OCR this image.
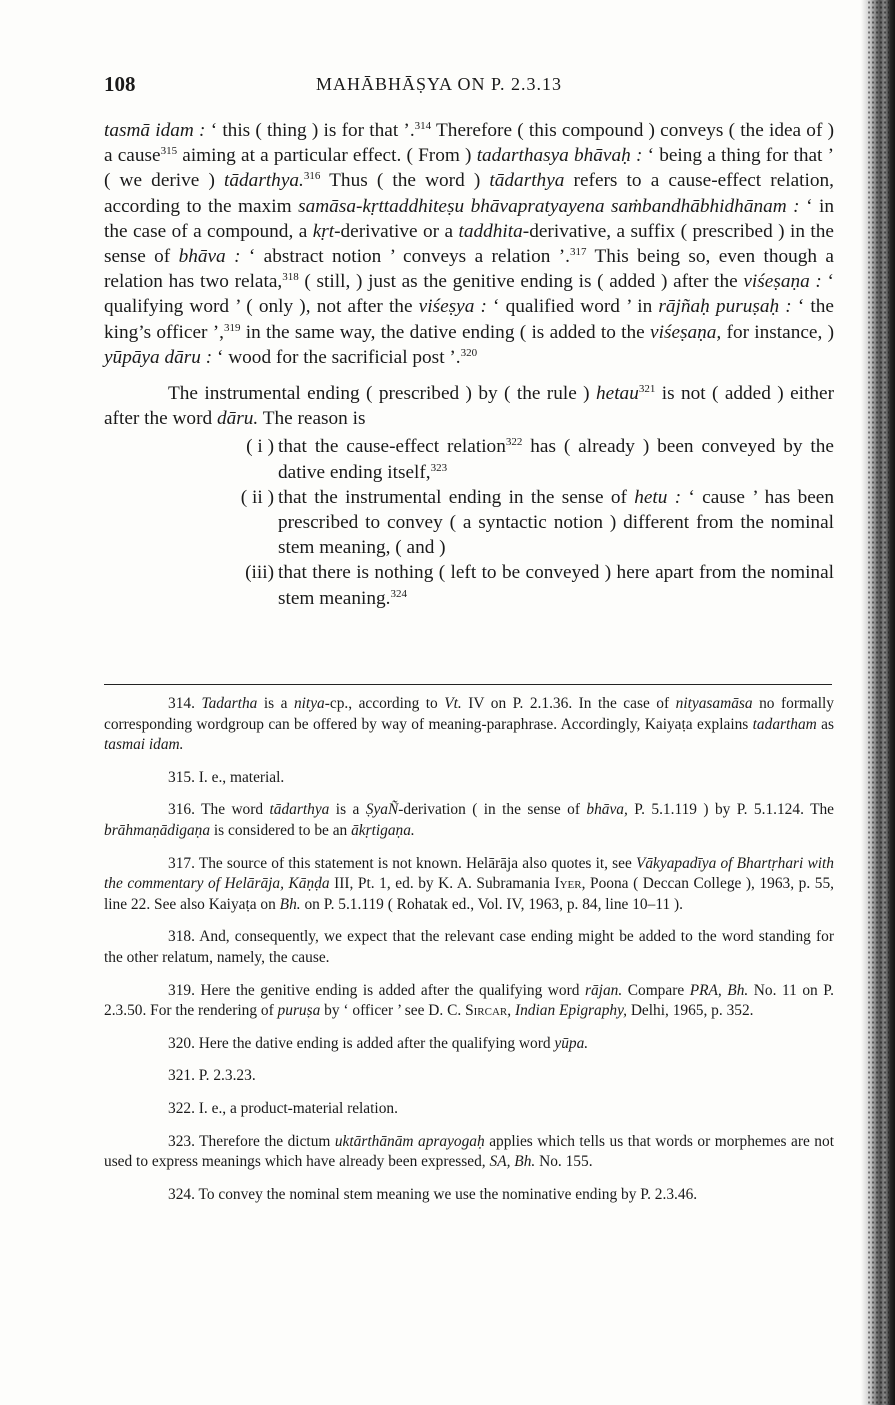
108	MAHĀBHĀṢYA ON P. 2.3.13

tasmā idam : ‘ this ( thing ) is for that ’.$^{314}$ Therefore ( this compound ) conveys ( the idea of ) a cause$^{315}$ aiming at a particular effect. ( From ) tadarthasya bhāvaḥ : ‘ being a thing for that ’ ( we derive ) tādarthya.$^{316}$ Thus ( the word ) tādarthya refers to a cause-effect relation, according to the maxim samāsa-kṛttaddhiteṣu bhāvapratyayena saṁbandhābhidhānam : ‘ in the case of a compound, a kṛt-derivative or a taddhita-derivative, a suffix ( prescribed ) in the sense of bhāva : ‘ abstract notion ’ conveys a relation ’.$^{317}$ This being so, even though a relation has two relata,$^{318}$ ( still, ) just as the genitive ending is ( added ) after the viśeṣaṇa : ‘ qualifying word ’ ( only ), not after the viśeṣya : ‘ qualified word ’ in rājñaḥ puruṣaḥ : ‘ the king’s officer ’,$^{319}$ in the same way, the dative ending ( is added to the viśeṣaṇa, for instance, ) yūpāya dāru : ‘ wood for the sacrificial post ’.$^{320}$

The instrumental ending ( prescribed ) by ( the rule ) hetau$^{321}$ is not ( added ) either after the word dāru. The reason is

( i ) that the cause-effect relation$^{322}$ has ( already ) been conveyed by the dative ending itself,$^{323}$
( ii ) that the instrumental ending in the sense of hetu : ‘ cause ’ has been prescribed to convey ( a syntactic notion ) different from the nominal stem meaning, ( and )
(iii) that there is nothing ( left to be conveyed ) here apart from the nominal stem meaning.$^{324}$

314. Tadartha is a nitya-cp., according to Vt. IV on P. 2.1.36. In the case of nityasamāsa no formally corresponding wordgroup can be offered by way of meaning-paraphrase. Accordingly, Kaiyaṭa explains tadartham as tasmai idam.

315. I. e., material.

316. The word tādarthya is a ṢyaÑ-derivation ( in the sense of bhāva, P. 5.1.119 ) by P. 5.1.124. The brāhmaṇādigaṇa is considered to be an ākṛtigaṇa.

317. The source of this statement is not known. Helārāja also quotes it, see Vākyapadīya of Bhartṛhari with the commentary of Helārāja, Kāṇḍa III, Pt. 1, ed. by K. A. Subramania Iyer, Poona ( Deccan College ), 1963, p. 55, line 22. See also Kaiyaṭa on Bh. on P. 5.1.119 ( Rohatak ed., Vol. IV, 1963, p. 84, line 10–11 ).

318. And, consequently, we expect that the relevant case ending might be added to the word standing for the other relatum, namely, the cause.

319. Here the genitive ending is added after the qualifying word rājan. Compare PRA, Bh. No. 11 on P. 2.3.50. For the rendering of puruṣa by ‘ officer ’ see D. C. Sircar, Indian Epigraphy, Delhi, 1965, p. 352.

320. Here the dative ending is added after the qualifying word yūpa.

321. P. 2.3.23.

322. I. e., a product-material relation.

323. Therefore the dictum uktārthānām aprayogaḥ applies which tells us that words or morphemes are not used to express meanings which have already been expressed, SA, Bh. No. 155.

324. To convey the nominal stem meaning we use the nominative ending by P. 2.3.46.
